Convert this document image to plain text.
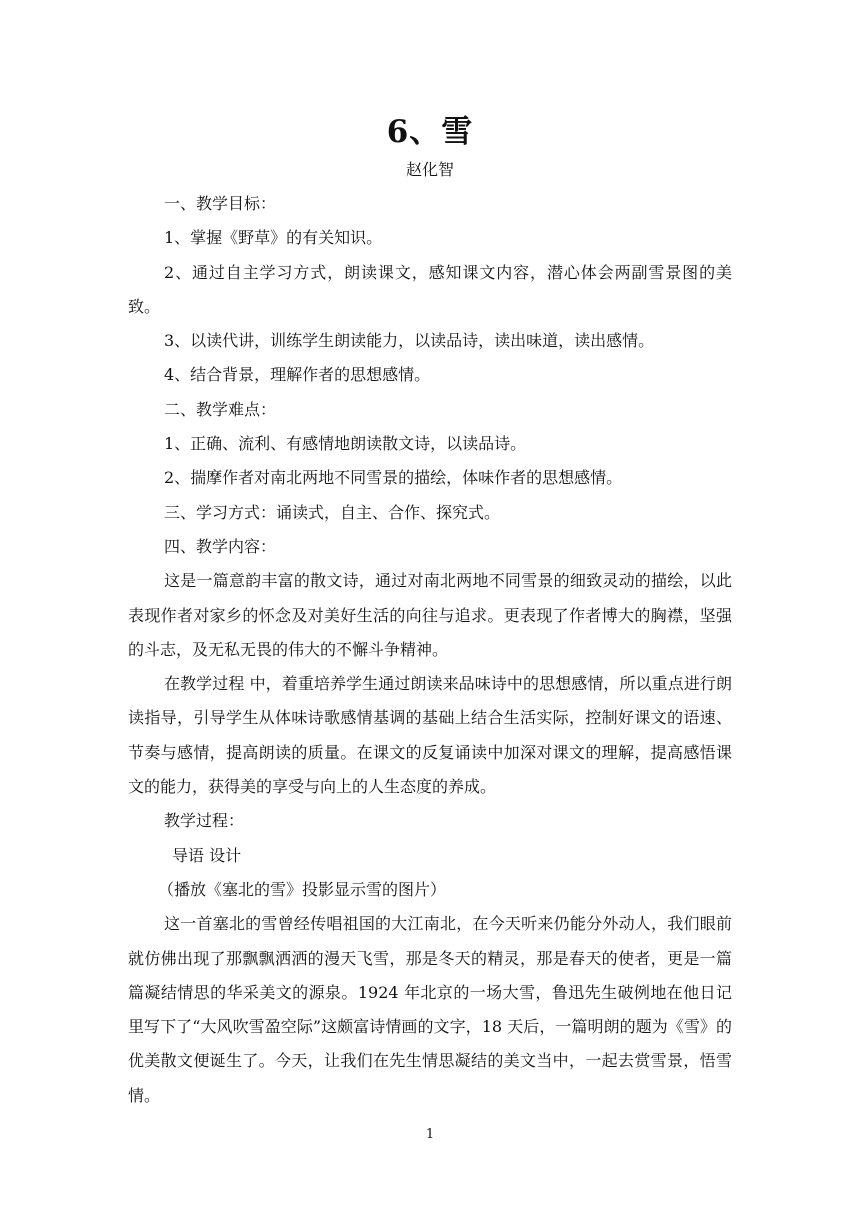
6、雪

赵化智

一、教学目标：

1、掌握《野草》的有关知识。

2、通过自主学习方式，朗读课文，感知课文内容，潜心体会两副雪景图的美致。

3、以读代讲，训练学生朗读能力，以读品诗，读出味道，读出感情。

4、结合背景，理解作者的思想感情。

二、教学难点：

1、正确、流利、有感情地朗读散文诗，以读品诗。

2、揣摩作者对南北两地不同雪景的描绘，体味作者的思想感情。

三、学习方式：诵读式，自主、合作、探究式。

四、教学内容：

这是一篇意韵丰富的散文诗，通过对南北两地不同雪景的细致灵动的描绘，以此表现作者对家乡的怀念及对美好生活的向往与追求。更表现了作者博大的胸襟，坚强的斗志，及无私无畏的伟大的不懈斗争精神。

在教学过程 中，着重培养学生通过朗读来品味诗中的思想感情，所以重点进行朗读指导，引导学生从体味诗歌感情基调的基础上结合生活实际，控制好课文的语速、节奏与感情，提高朗读的质量。在课文的反复诵读中加深对课文的理解，提高感悟课文的能力，获得美的享受与向上的人生态度的养成。

教学过程：

导语 设计

（播放《塞北的雪》投影显示雪的图片）

这一首塞北的雪曾经传唱祖国的大江南北，在今天听来仍能分外动人，我们眼前就仿佛出现了那飘飘洒洒的漫天飞雪，那是冬天的精灵，那是春天的使者，更是一篇篇凝结情思的华采美文的源泉。1924 年北京的一场大雪，鲁迅先生破例地在他日记里写下了“大风吹雪盈空际”这颇富诗情画的文字，18 天后，一篇明朗的题为《雪》的优美散文便诞生了。今天，让我们在先生情思凝结的美文当中，一起去赏雪景，悟雪情。

1
